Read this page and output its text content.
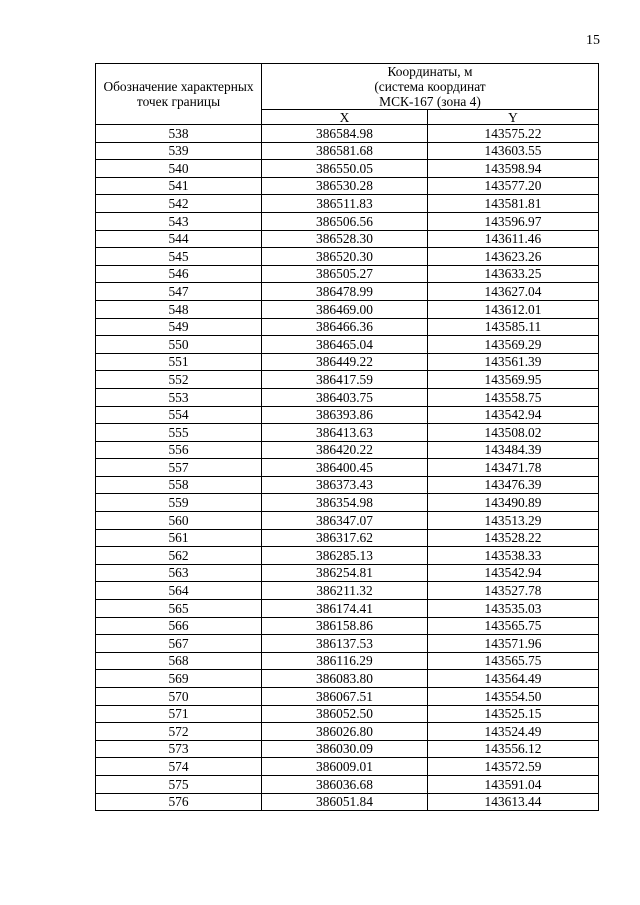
15
Обозначение характерных точек границы	Координаты, м
(система координат
МСК-167 (зона 4)	

	X	Y
538	386584.98	143575.22
539	386581.68	143603.55
540	386550.05	143598.94
541	386530.28	143577.20
542	386511.83	143581.81
543	386506.56	143596.97
544	386528.30	143611.46
545	386520.30	143623.26
546	386505.27	143633.25
547	386478.99	143627.04
548	386469.00	143612.01
549	386466.36	143585.11
550	386465.04	143569.29
551	386449.22	143561.39
552	386417.59	143569.95
553	386403.75	143558.75
554	386393.86	143542.94
555	386413.63	143508.02
556	386420.22	143484.39
557	386400.45	143471.78
558	386373.43	143476.39
559	386354.98	143490.89
560	386347.07	143513.29
561	386317.62	143528.22
562	386285.13	143538.33
563	386254.81	143542.94
564	386211.32	143527.78
565	386174.41	143535.03
566	386158.86	143565.75
567	386137.53	143571.96
568	386116.29	143565.75
569	386083.80	143564.49
570	386067.51	143554.50
571	386052.50	143525.15
572	386026.80	143524.49
573	386030.09	143556.12
574	386009.01	143572.59
575	386036.68	143591.04
576	386051.84	143613.44
